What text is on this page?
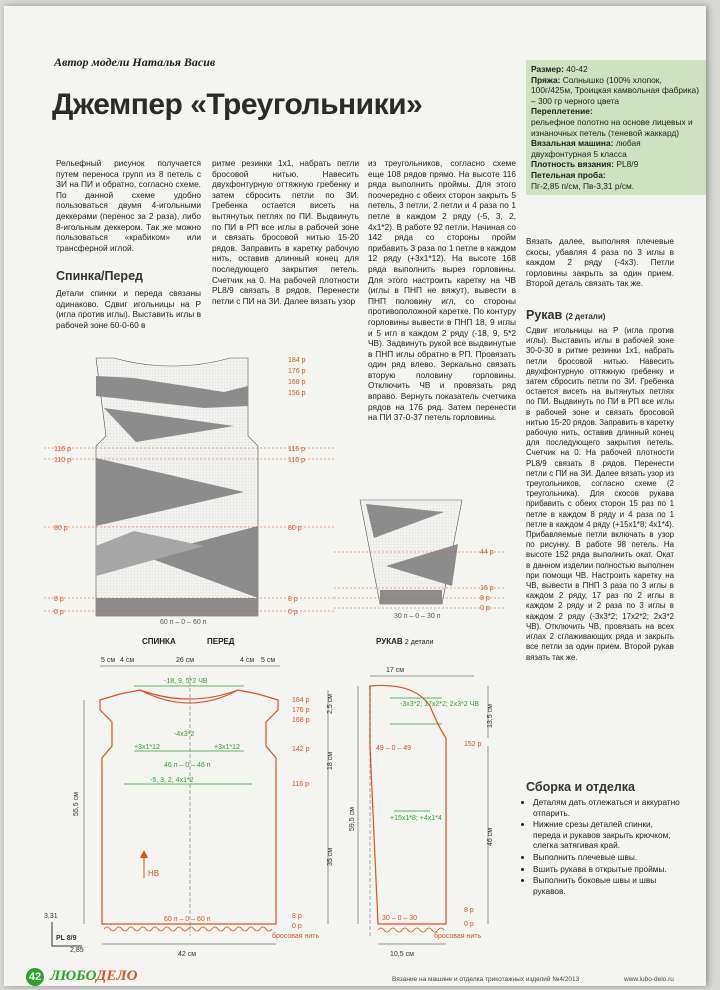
Автор модели Наталья Васив
Джемпер «Треугольники»

Рельефный рисунок получается путем переноса групп из 8 петель с ЗИ на ПИ и обратно, согласно схеме. По данной схеме удобно пользоваться двумя 4-игольными деккерами (перенос за 2 раза), либо 8-игольным деккером. Так же можно пользоваться «крабиком» или трансферной иглой.

Спинка/Перед
Детали спинки и переда связаны одинаково. Сдвиг игольницы на Р (игла против иглы). Выставить иглы в рабочей зоне 60-0-60 в
ритме резинки 1х1, набрать петли бросовой нитью. Навесить двухфонтурную оттяжную гребенку и затем сбросить петли по ЗИ. Гребенка остается висеть на вытянутых петлях по ПИ. Выдвинуть по ПИ в РП все иглы в рабочей зоне и связать бросовой нитью 15-20 рядов. Заправить в каретку рабочую нить, оставив длинный конец для последующего закрытия петель. Счетчик на 0. На рабочей плотности PL8/9 связать 8 рядов. Перенести петли с ПИ на ЗИ. Далее вязать узор
из треугольников, согласно схеме еще 108 рядов прямо. На высоте 116 ряда выполнить проймы. Для этого поочередно с обеих сторон закрыть 5 петель, 3 петли, 2 петли и 4 раза по 1 петле в каждом 2 ряду (-5, 3, 2, 4х1*2). В работе 92 петли. Начиная со 142 ряда со стороны пройм прибавить 3 раза по 1 петле в каждом 12 ряду (+3х1*12). На высоте 168 ряда выполнить вырез горловины. Для этого настроить каретку на ЧВ (иглы в ПНП не вяжут), вывести в ПНП половину игл, со стороны противоположной каретке. По контуру горловины вывести в ПНП 18, 9 иглы и 5 игл в каждом 2 ряду (-18, 9, 5*2 ЧВ). Задвинуть рукой все выдвинутые в ПНП иглы обратно в РП. Провязать один ряд влево. Зеркально связать вторую половину горловины. Отключить ЧВ и провязать ряд вправо. Вернуть показатель счетчика рядов на 176 ряд. Затем перенести на ПИ 37-0-37 петель горловины.
Размер: 40-42
Пряжа: Солнышко (100% хлопок, 100г/425м, Троицкая камвольная фабрика) – 300 гр черного цвета
Переплетение:
рельефное полотно на основе лицевых и изнаночных петель (теневой жаккард)
Вязальная машина: любая двухфонтурная 5 класса
Плотность вязания: PL8/9
Петельная проба:
Пг-2,85 п/см, Пв-3,31 р/см.
Вязать далее, выполняя плечевые скосы, убавляя 4 раза по 3 иглы в каждом 2 ряду (-4х3). Петли горловины закрыть за один прием. Второй деталь связать так же.
Рукав (2 детали)
Сдвиг игольницы на Р (игла против иглы). Выставить иглы в рабочей зоне 30-0-30 в ритме резинки 1х1, набрать петли бросовой нитью. Навесить двухфонтурную оттяжную гребенку и затем сбросить петли по ЗИ. Гребенка остается висеть на вытянутых петлях по ПИ. Выдвинуть по ПИ в РП все иглы в рабочей зоне и связать бросовой нитью 15-20 рядов. Заправить в каретку рабочую нить, оставив длинный конец для последующего закрытия петель. Счетчик на 0. На рабочей плотности PL8/9 связать 8 рядов. Перенести петли с ПИ на ЗИ. Далее вязать узор из треугольников, согласно схеме (2 треугольника). Для скосов рукава прибавить с обеих сторон 15 раз по 1 петле в каждом 8 ряду и 4 раза по 1 петле в каждом 4 ряду (+15х1*8; 4х1*4). Прибавляемые петли включать в узор по рисунку. В работе 98 петель. На высоте 152 ряда выполнить окат. Окат в данном изделии полностью выполнен при помощи ЧВ. Настроить каретку на ЧВ, вывести в ПНП 3 раза по 3 иглы в каждом 2 ряду, 17 раз по 2 иглы в каждом 2 ряду и 2 раза по 3 иглы в каждом 2 ряду (-3х3*2; 17х2*2; 2х3*2 ЧВ). Отключить ЧВ, провязать на всех иглах 2 сглаживающих ряда и закрыть все петли за один прием. Второй рукав вязать так же.
Сборка и отделка
• Деталям дать отлежаться и аккуратно отпарить.
• Нижние срезы деталей спинки, переда и рукавов закрыть крючком, слегка затягивая край.
• Выполнить плечевые швы.
• Вшить рукава в открытые проймы.
• Выполнить боковые швы и швы рукавов.
184 р
176 р
168 р
156 р
116 р
110 р
80 р
8 р
0 р
116 р
110 р
80 р
8 р
0 р
60 п – 0 – 60 п
44 р
16 р
8 р
0 р
30 п – 0 – 30 п
СПИНКА	ПЕРЕД	РУКАВ 2 детали
5 см 4 см	26 см	4 см 5 см
-18, 9, 5*2 ЧВ
-4х3*2
+3х1*12	+3х1*12
46 п – 0 – 46 п
-5, 3, 2, 4х1*2
184 р
176 р
168 р
142 р
116 р
8 р
0 р
60 п – 0 – 60 п
бросовая нить
42 см
55,5 см
2,5 см
18 см
35 см
НВ
3,31
PL 8/9
2,85
17 см
-3х3*2; 17х2*2; 2х3*2 ЧВ
+15х1*8; +4х1*4
49 – 0 – 49
152 р
8 р
0 р
30 – 0 – 30
бросовая нить
10,5 см
59,5 см
13,5 см
46 см
42 ЛЮБОДЕЛО	Вязание на машине и отделка трикотажных изделий №4/2013	www.lubo-delo.ru
